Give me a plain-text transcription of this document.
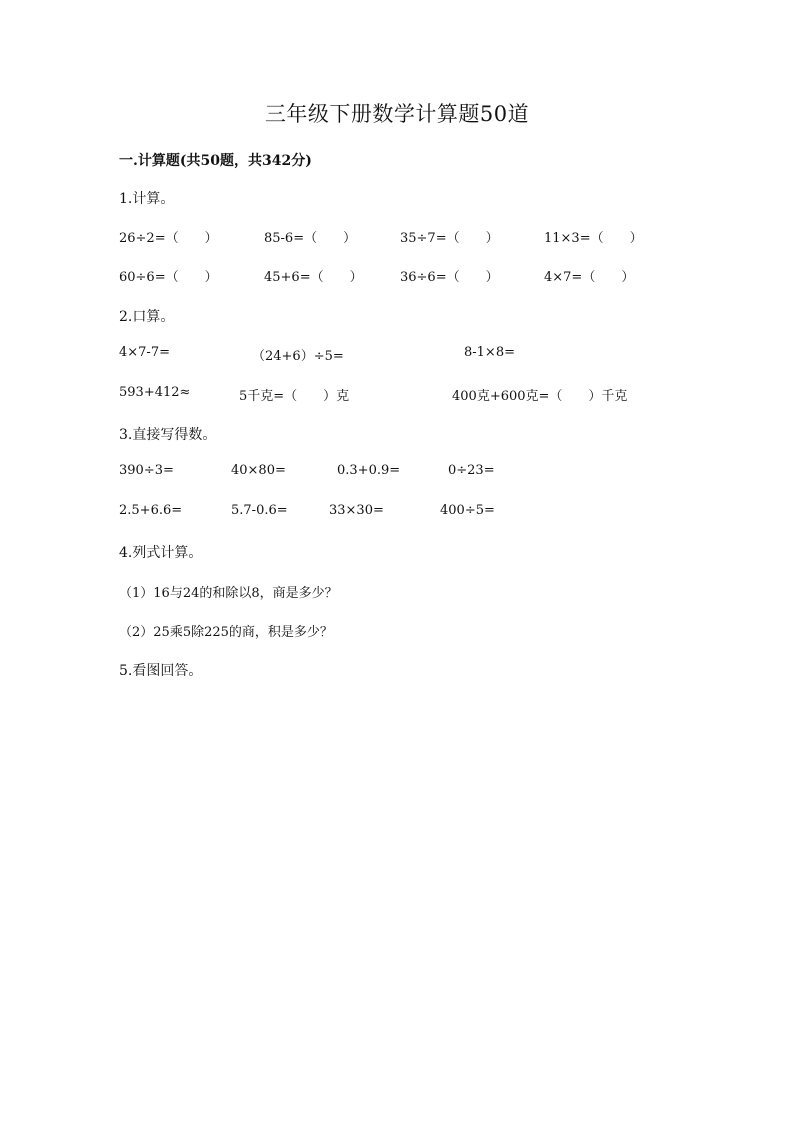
三年级下册数学计算题50道
一.计算题(共50题，共342分)
1.计算。
26÷2=（　　）	85-6=（　　）	35÷7=（　　）	11×3=（　　）
60÷6=（　　）	45+6=（　　）	36÷6=（　　）	4×7=（　　）
2.口算。
4×7-7=	（24+6）÷5=	8-1×8=
593+412≈	5千克=（　　）克	400克+600克=（　　）千克
3.直接写得数。
390÷3=	40×80=	0.3+0.9=	0÷23=
2.5+6.6=	5.7-0.6=	33×30=	400÷5=
4.列式计算。
（1）16与24的和除以8，商是多少？
（2）25乘5除225的商，积是多少？
5.看图回答。
